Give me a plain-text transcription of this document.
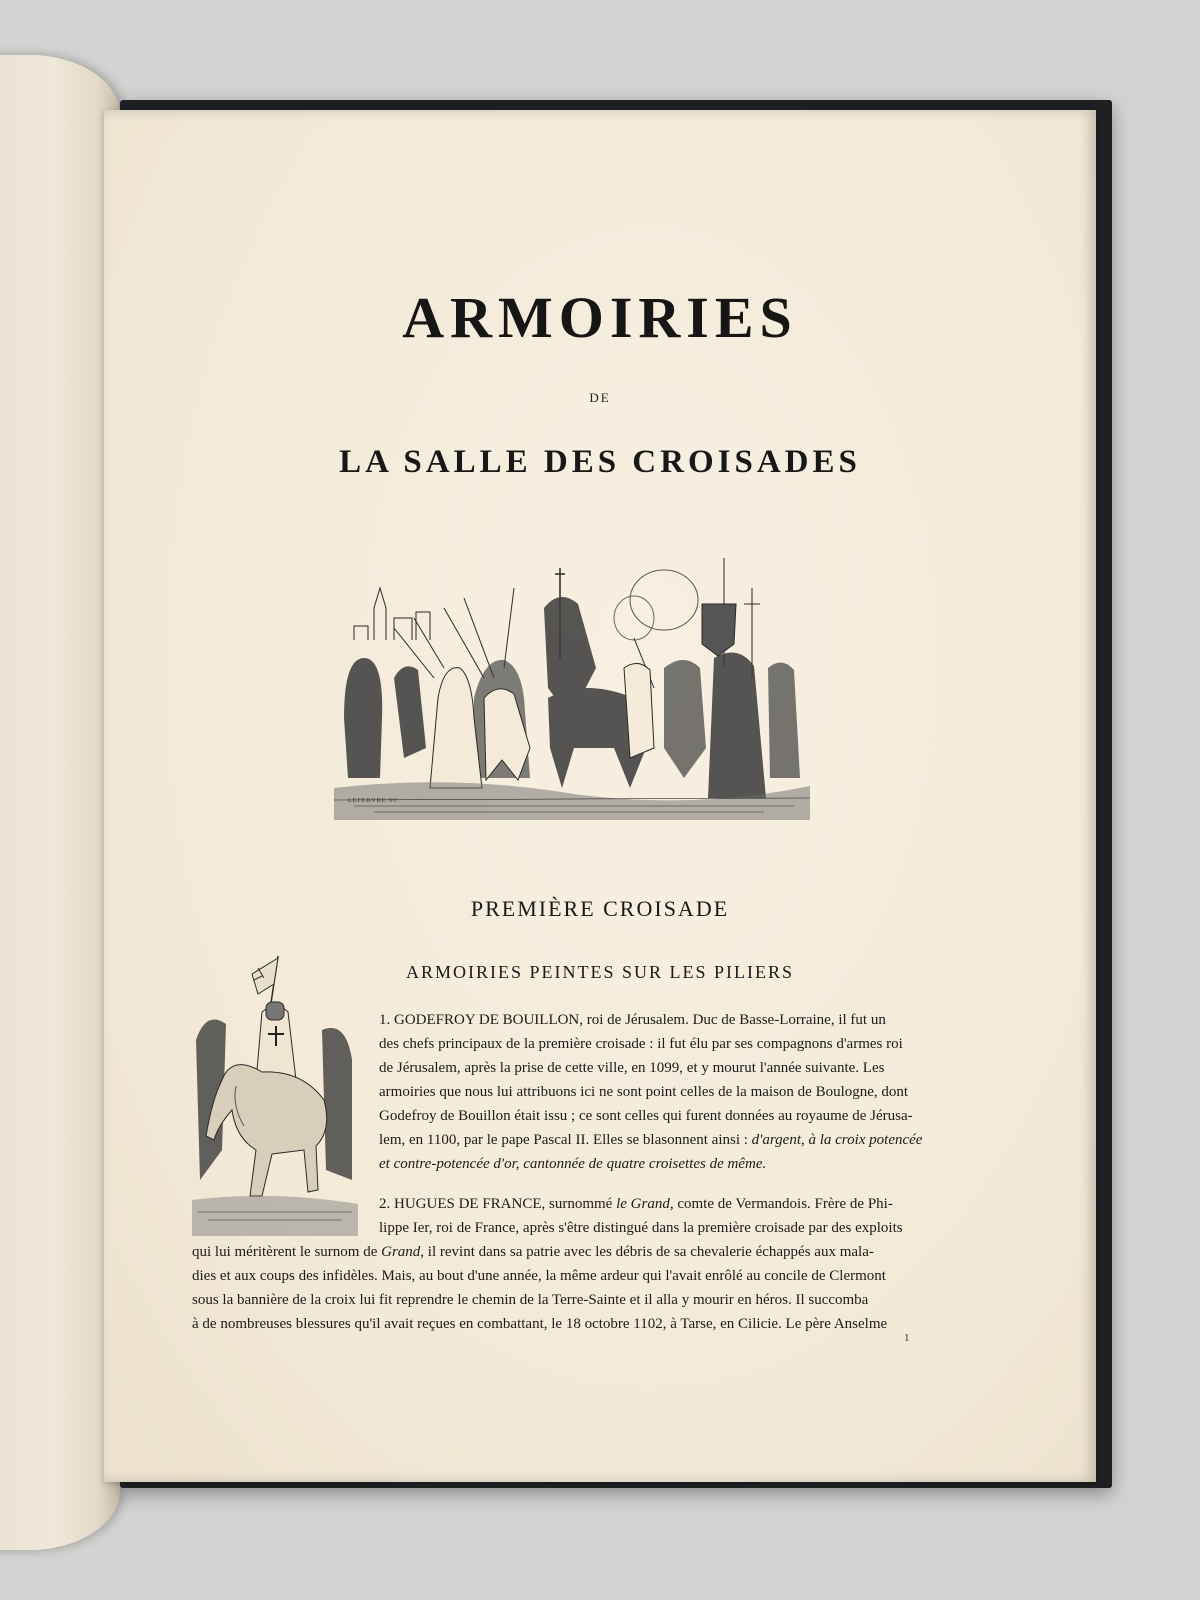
ARMOIRIES
DE
LA SALLE DES CROISADES
LEFEBVRE SC
PREMIÈRE CROISADE
ARMOIRIES PEINTES SUR LES PILIERS
1. GODEFROY DE BOUILLON, roi de Jérusalem. Duc de Basse-Lorraine, il fut un
des chefs principaux de la première croisade : il fut élu par ses compagnons d'armes roi
de Jérusalem, après la prise de cette ville, en 1099, et y mourut l'année suivante. Les
armoiries que nous lui attribuons ici ne sont point celles de la maison de Boulogne, dont
Godefroy de Bouillon était issu ; ce sont celles qui furent données au royaume de Jérusa-
lem, en 1100, par le pape Pascal II. Elles se blasonnent ainsi : d'argent, à la croix potencée
et contre-potencée d'or, cantonnée de quatre croisettes de même.
2. HUGUES DE FRANCE, surnommé le Grand, comte de Vermandois. Frère de Phi-
lippe Ier, roi de France, après s'être distingué dans la première croisade par des exploits
qui lui méritèrent le surnom de Grand, il revint dans sa patrie avec les débris de sa chevalerie échappés aux mala-
dies et aux coups des infidèles. Mais, au bout d'une année, la même ardeur qui l'avait enrôlé au concile de Clermont
sous la bannière de la croix lui fit reprendre le chemin de la Terre-Sainte et il alla y mourir en héros. Il succomba
à de nombreuses blessures qu'il avait reçues en combattant, le 18 octobre 1102, à Tarse, en Cilicie. Le père Anselme
1
